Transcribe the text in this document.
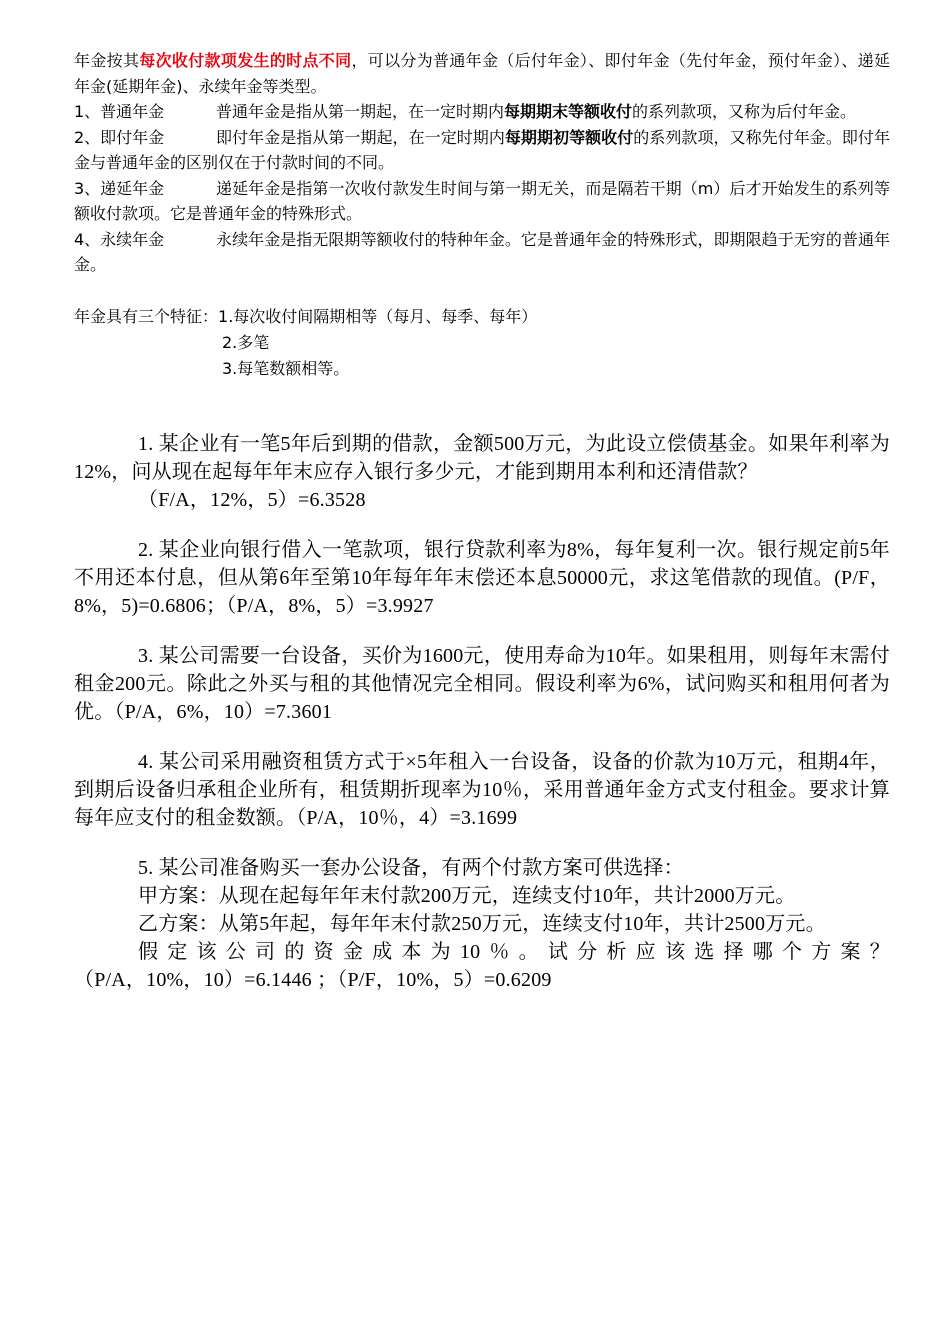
年金按其每次收付款项发生的时点不同，可以分为普通年金（后付年金）、即付年金（先付年金，预付年金）、递延年金(延期年金)、永续年金等类型。

1、普通年金	普通年金是指从第一期起，在一定时期内每期期末等额收付的系列款项，又称为后付年金。

2、即付年金	即付年金是指从第一期起，在一定时期内每期期初等额收付的系列款项，又称先付年金。即付年金与普通年金的区别仅在于付款时间的不同。

3、递延年金	递延年金是指第一次收付款发生时间与第一期无关，而是隔若干期（m）后才开始发生的系列等额收付款项。它是普通年金的特殊形式。

4、永续年金	永续年金是指无限期等额收付的特种年金。它是普通年金的特殊形式，即期限趋于无穷的普通年金。

年金具有三个特征：1.每次收付间隔期相等（每月、每季、每年）

2.多笔

3.每笔数额相等。

1. 某企业有一笔5年后到期的借款，金额500万元，为此设立偿债基金。如果年利率为12%，问从现在起每年年末应存入银行多少元，才能到期用本利和还清借款？

（F/A，12%，5）=6.3528

2. 某企业向银行借入一笔款项，银行贷款利率为8%，每年复利一次。银行规定前5年不用还本付息，但从第6年至第10年每年年末偿还本息50000元，求这笔借款的现值。(P/F，8%，5)=0.6806；（P/A，8%，5）=3.9927

3. 某公司需要一台设备，买价为1600元，使用寿命为10年。如果租用，则每年末需付租金200元。除此之外买与租的其他情况完全相同。假设利率为6%，试问购买和租用何者为优。（P/A，6%，10）=7.3601

4. 某公司采用融资租赁方式于×5年租入一台设备，设备的价款为10万元，租期4年，到期后设备归承租企业所有，租赁期折现率为10％，采用普通年金方式支付租金。要求计算每年应支付的租金数额。（P/A，10％，4）=3.1699

5. 某公司准备购买一套办公设备，有两个付款方案可供选择：

甲方案：从现在起每年年末付款200万元，连续支付10年，共计2000万元。

乙方案：从第5年起，每年年末付款250万元，连续支付10年，共计2500万元。

假定该公司的资金成本为10％。试分析应该选择哪个方案？

（P/A，10%，10）=6.1446 ；（P/F，10%，5）=0.6209
